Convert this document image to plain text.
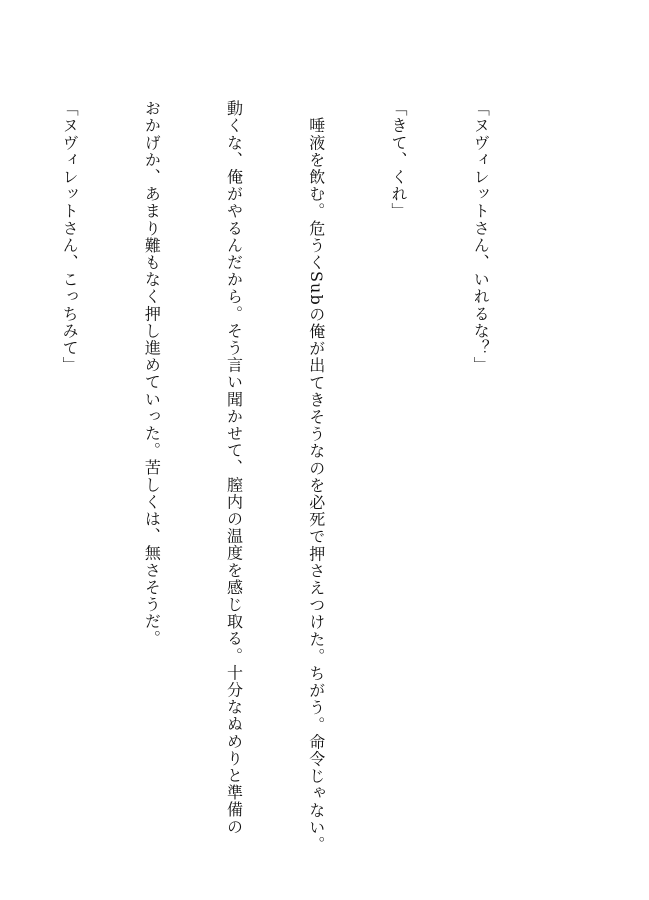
「ヌヴィレットさん、いれるな？」

「きて、くれ」

　唾液を飲む。危うくSubの俺が出てきそうなのを必死で押さえつけた。ちがう。命令じゃない。

動くな、俺がやるんだから。そう言い聞かせて、膣内の温度を感じ取る。十分なぬめりと準備の

おかげか、あまり難もなく押し進めていった。苦しくは、無さそうだ。

「ヌヴィレットさん、こっちみて」
